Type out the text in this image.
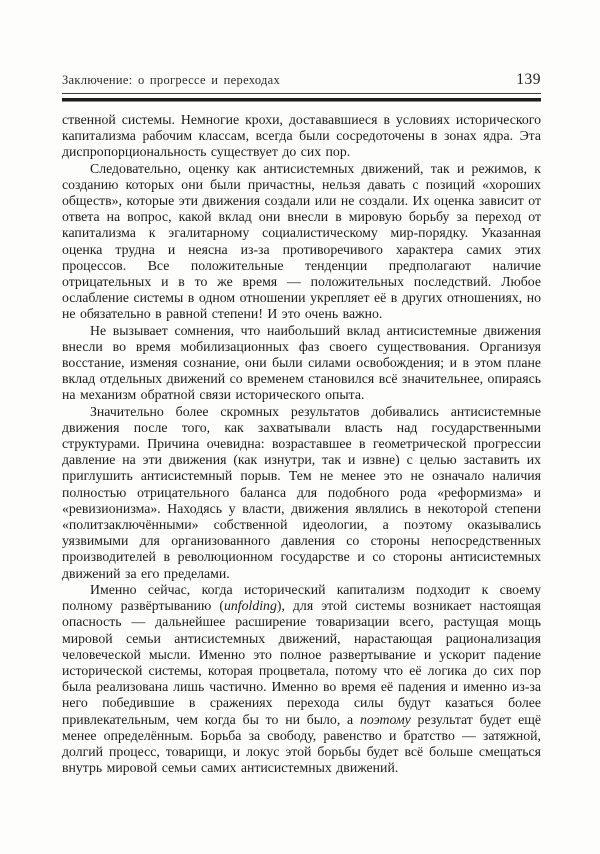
Заключение: о прогрессе и переходах	139

ственной системы. Немногие крохи, достававшиеся в условиях исторического капитализма рабочим классам, всегда были сосредоточены в зонах ядра. Эта диспропорциональность существует до сих пор.

Следовательно, оценку как антисистемных движений, так и режимов, к созданию которых они были причастны, нельзя давать с позиций «хороших обществ», которые эти движения создали или не создали. Их оценка зависит от ответа на вопрос, какой вклад они внесли в мировую борьбу за переход от капитализма к эгалитарному социалистическому мир-порядку. Указанная оценка трудна и неясна из-за противоречивого характера самих этих процессов. Все положительные тенденции предполагают наличие отрицательных и в то же время — положительных последствий. Любое ослабление системы в одном отношении укрепляет её в других отношениях, но не обязательно в равной степени! И это очень важно.

Не вызывает сомнения, что наибольший вклад антисистемные движения внесли во время мобилизационных фаз своего существования. Организуя восстание, изменяя сознание, они были силами освобождения; и в этом плане вклад отдельных движений со временем становился всё значительнее, опираясь на механизм обратной связи исторического опыта.

Значительно более скромных результатов добивались антисистемные движения после того, как захватывали власть над государственными структурами. Причина очевидна: возраставшее в геометрической прогрессии давление на эти движения (как изнутри, так и извне) с целью заставить их приглушить антисистемный порыв. Тем не менее это не означало наличия полностью отрицательного баланса для подобного рода «реформизма» и «ревизионизма». Находясь у власти, движения являлись в некоторой степени «политзаключёнными» собственной идеологии, а поэтому оказывались уязвимыми для организованного давления со стороны непосредственных производителей в революционном государстве и со стороны антисистемных движений за его пределами.

Именно сейчас, когда исторический капитализм подходит к своему полному развёртыванию (unfolding), для этой системы возникает настоящая опасность — дальнейшее расширение товаризации всего, растущая мощь мировой семьи антисистемных движений, нарастающая рационализация человеческой мысли. Именно это полное развертывание и ускорит падение исторической системы, которая процветала, потому что её логика до сих пор была реализована лишь частично. Именно во время её падения и именно из-за него победившие в сражениях перехода силы будут казаться более привлекательным, чем когда бы то ни было, а поэтому результат будет ещё менее определённым. Борьба за свободу, равенство и братство — затяжной, долгий процесс, товарищи, и локус этой борьбы будет всё больше смещаться внутрь мировой семьи самих антисистемных движений.
